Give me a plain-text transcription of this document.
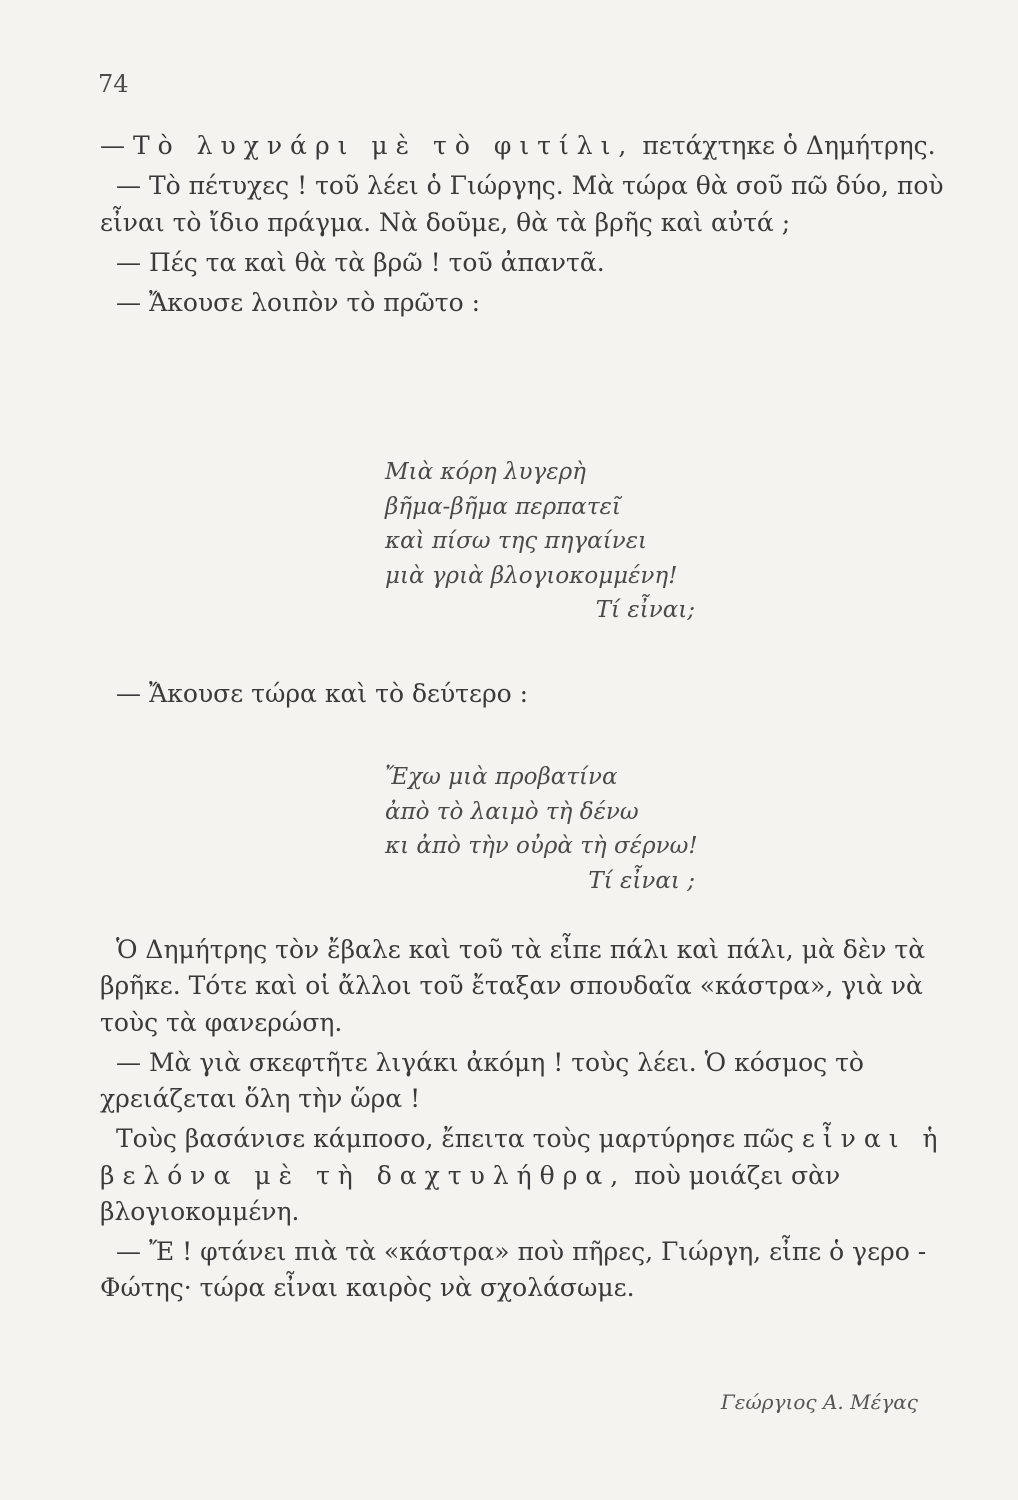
74

—Τὸ λυχνάρι μὲ τὸ φιτίλι, πετάχτηκε ὁ Δημήτρης.

— Τὸ πέτυχες ! τοῦ λέει ὁ Γιώργης. Μὰ τώρα θὰ σοῦ πῶ δύο, ποὺ εἶναι τὸ ἴδιο πράγμα. Νὰ δοῦμε, θὰ τὰ βρῆς καὶ αὐτά ;

— Πές τα καὶ θὰ τὰ βρῶ ! τοῦ ἀπαντᾶ.

— Ἄκουσε λοιπὸν τὸ πρῶτο :

Μιὰ κόρη λυγερὴ
βῆμα-βῆμα περπατεῖ
καὶ πίσω της πηγαίνει
μιὰ γριὰ βλογιοκομμένη!
Τί εἶναι;

— Ἄκουσε τώρα καὶ τὸ δεύτερο :

Ἔχω μιὰ προβατίνα
ἀπὸ τὸ λαιμὸ τὴ δένω
κι ἀπὸ τὴν οὐρὰ τὴ σέρνω!
Τί εἶναι ;

Ὁ Δημήτρης τὸν ἔβαλε καὶ τοῦ τὰ εἶπε πάλι καὶ πάλι, μὰ δὲν τὰ βρῆκε. Τότε καὶ οἱ ἄλλοι τοῦ ἔταξαν σπουδαῖα «κάστρα», γιὰ νὰ τοὺς τὰ φανερώση.

— Μὰ γιὰ σκεφτῆτε λιγάκι ἀκόμη ! τοὺς λέει. Ὁ κόσμος τὸ χρειάζεται ὅλη τὴν ὥρα !

Τοὺς βασάνισε κάμποσο, ἔπειτα τοὺς μαρτύρησε πῶς εἶναι ἡ βελόνα μὲ τὴ δαχτυλήθρα, ποὺ μοιάζει σὰν βλογιοκομμένη.

— Ἔ ! φτάνει πιὰ τὰ «κάστρα» ποὺ πῆρες, Γιώργη, εἶπε ὁ γερο - Φώτης· τώρα εἶναι καιρὸς νὰ σχολάσωμε.

Γεώργιος Α. Μέγας
